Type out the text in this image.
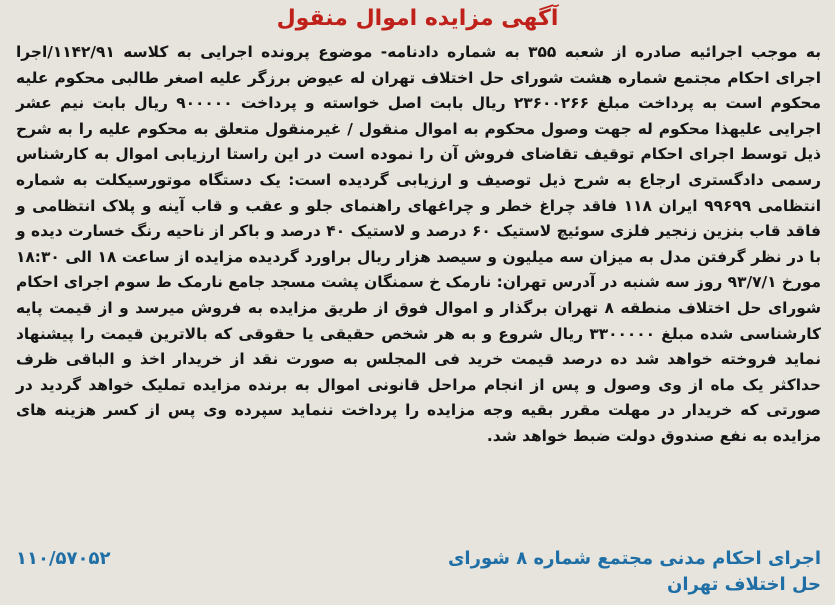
آگهی مزایده اموال منقول

به موجب اجرائیه صادره از شعبه ۳۵۵ به شماره دادنامه- موضوع پرونده اجرایی به کلاسه ۱۱۴۲/۹۱/اجرا اجرای احکام مجتمع شماره هشت شورای حل اختلاف تهران له عیوض برزگر علیه اصغر طالبی محکوم علیه محکوم است به پرداخت مبلغ ۲۳۶۰۰۲۶۶ ریال بابت اصل خواسته و پرداخت ۹۰۰۰۰۰ ریال بابت نیم عشر اجرایی علیهذا محکوم له جهت وصول محکوم به اموال منقول / غیرمنقول متعلق به محکوم علیه را به شرح ذیل توسط اجرای احکام توقیف تقاضای فروش آن را نموده است در این راستا ارزیابی اموال به کارشناس رسمی دادگستری ارجاع به شرح ذیل توصیف و ارزیابی گردیده است: یک دستگاه موتورسیکلت به شماره انتظامی ۹۹۶۹۹ ایران ۱۱۸ فاقد چراغ خطر و چراغهای راهنمای جلو و عقب و قاب آینه و پلاک انتظامی و فاقد قاب بنزین زنجیر فلزی سوئیچ لاستیک ۶۰ درصد و لاستیک ۴۰ درصد و باکر از ناحیه رنگ خسارت دیده و با در نظر گرفتن مدل به میزان سه میلیون و سیصد هزار ریال براورد گردیده مزایده از ساعت ۱۸ الی ۱۸:۳۰ مورخ ۹۳/۷/۱ روز سه شنبه در آدرس تهران: نارمک خ سمنگان پشت مسجد جامع نارمک ط سوم اجرای احکام شورای حل اختلاف منطقه ۸ تهران برگذار و اموال فوق از طریق مزایده به فروش میرسد و از قیمت پایه کارشناسی شده مبلغ ۳۳۰۰۰۰۰ ریال شروع و به هر شخص حقیقی یا حقوقی که بالاترین قیمت را پیشنهاد نماید فروخته خواهد شد ده درصد قیمت خرید فی المجلس به صورت نقد از خریدار اخذ و الباقی ظرف حداکثر یک ماه از وی وصول و پس از انجام مراحل قانونی اموال به برنده مزایده تملیک خواهد گردید در صورتی که خریدار در مهلت مقرر بقیه وجه مزایده را پرداخت ننماید سپرده وی پس از کسر هزینه های مزایده به نفع صندوق دولت ضبط خواهد شد.

اجرای احکام مدنی مجتمع شماره ۸ شورای
۱۱۰/۵۷۰۵۲
حل اختلاف تهران
